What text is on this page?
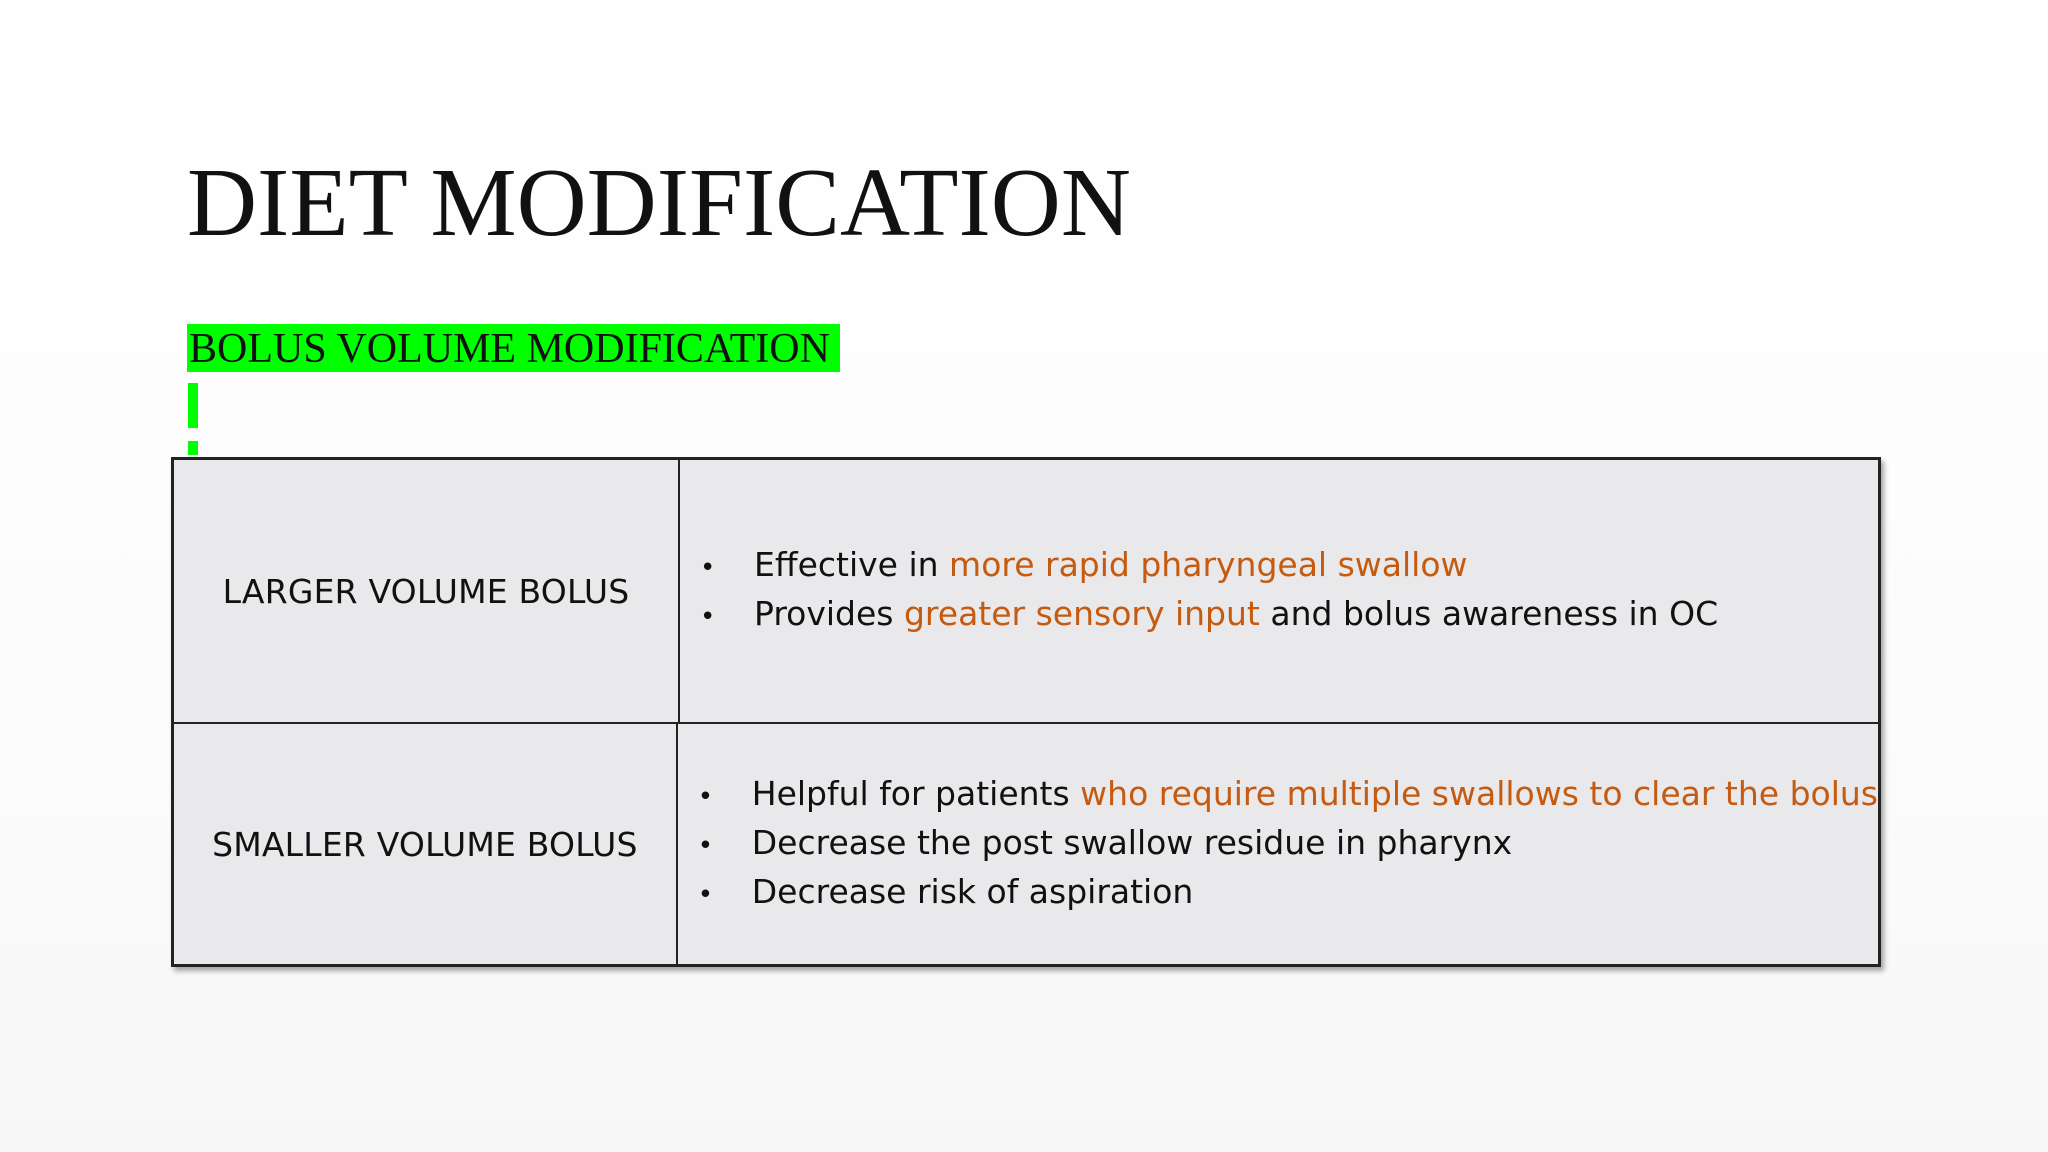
DIET MODIFICATION
BOLUS VOLUME MODIFICATION
LARGER VOLUME BOLUS
•	Effective in more rapid pharyngeal swallow
•	Provides greater sensory input and bolus awareness in OC
SMALLER VOLUME BOLUS
•	Helpful for patients who require multiple swallows to clear the bolus
•	Decrease the post swallow residue in pharynx
•	Decrease risk of aspiration
